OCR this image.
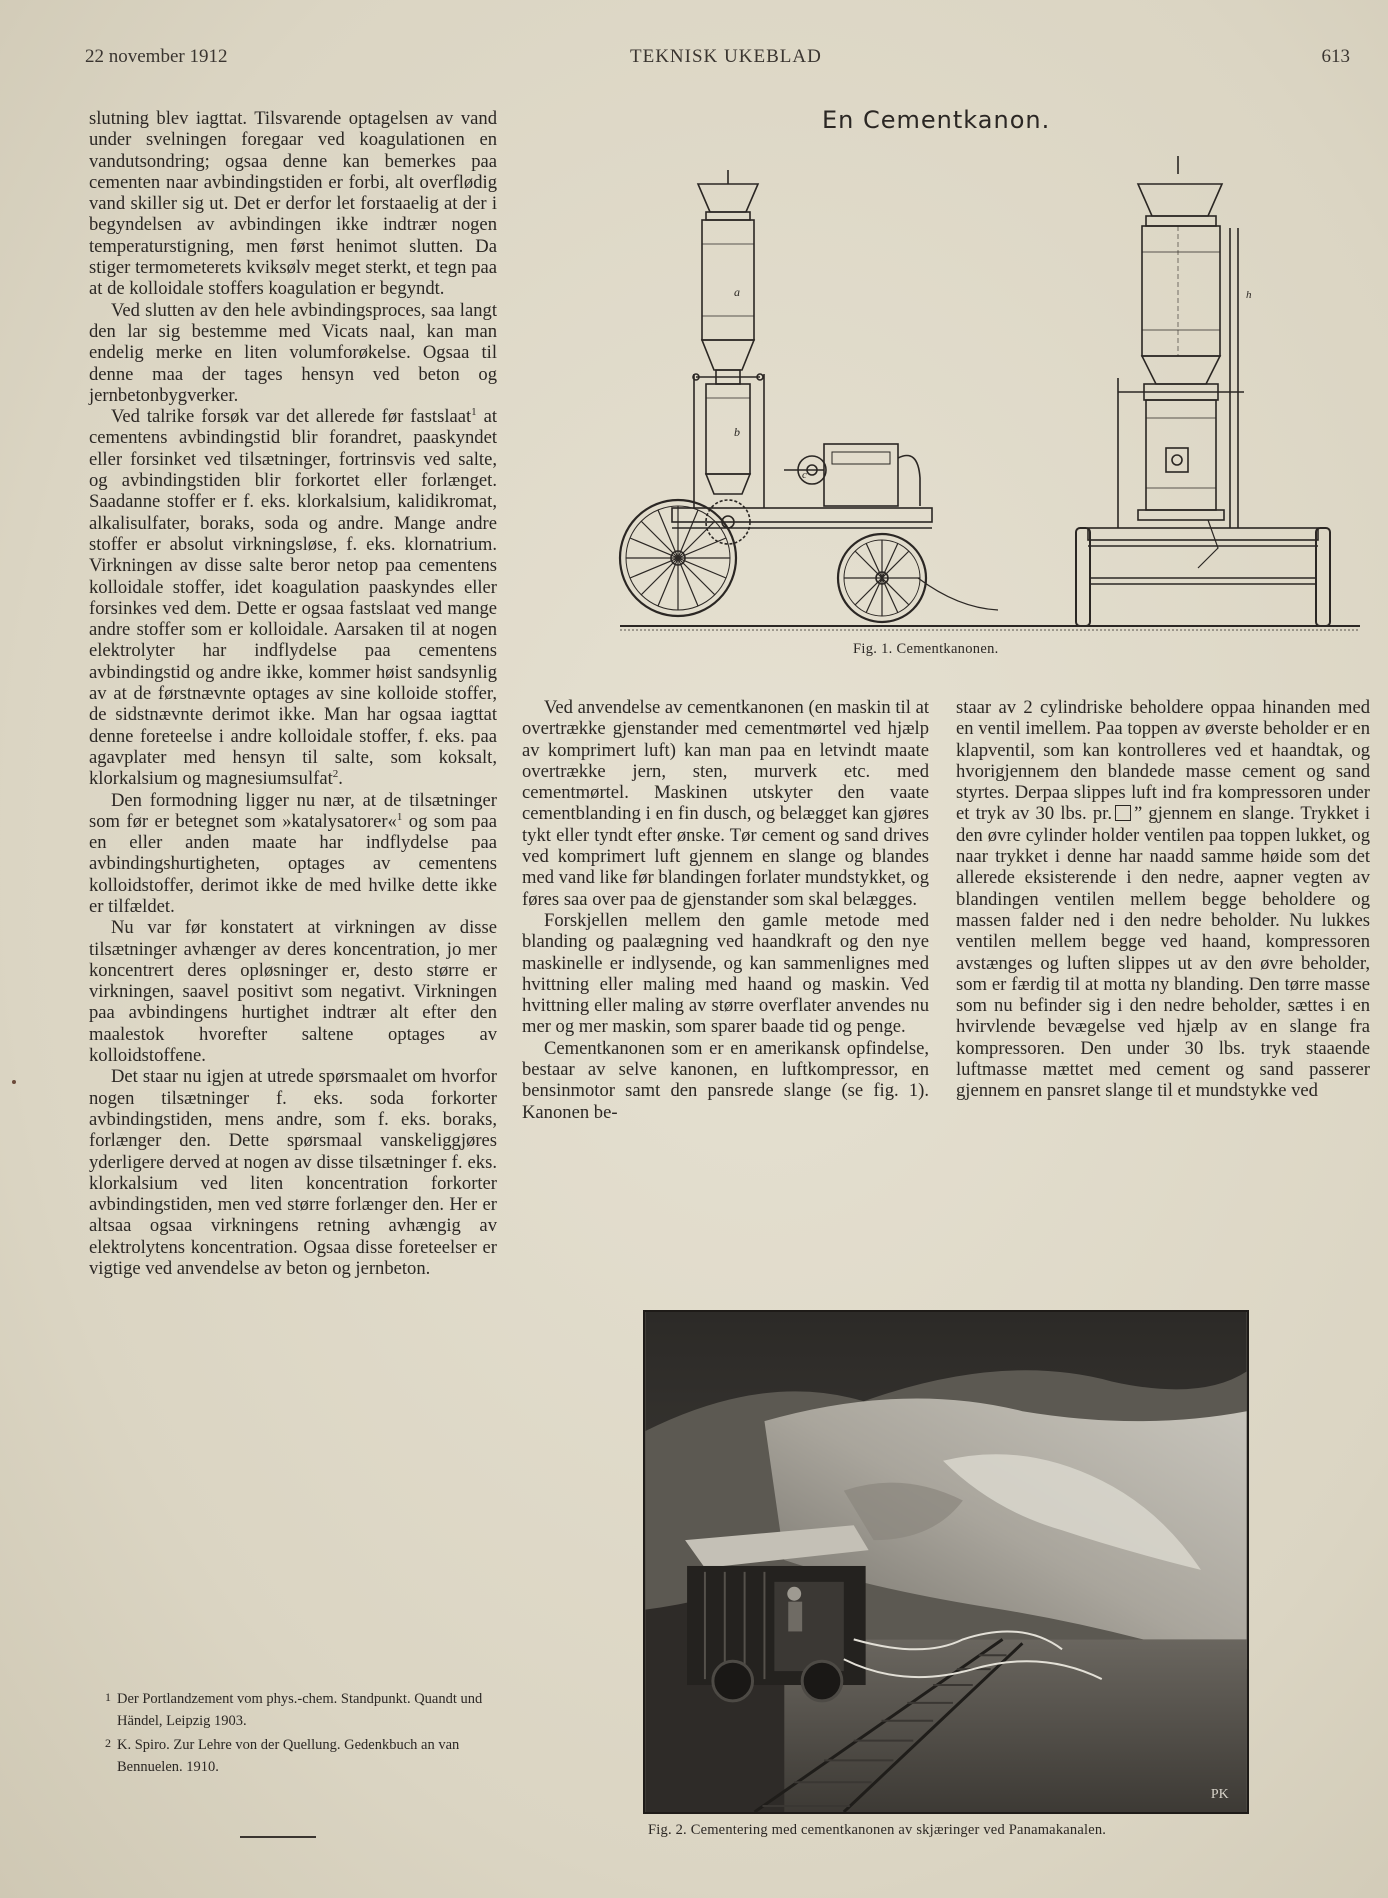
22 november 1912	TEKNISK UKEBLAD	613

slutning blev iagttat. Tilsvarende optagelsen av vand under svelningen foregaar ved koagulationen en vandutsondring; ogsaa denne kan bemerkes paa cementen naar avbindingstiden er forbi, alt overflødig vand skiller sig ut. Det er derfor let forstaaelig at der i begyndelsen av avbindingen ikke indtrær nogen temperaturstigning, men først henimot slutten. Da stiger termometerets kviksølv meget sterkt, et tegn paa at de kolloidale stoffers koagulation er begyndt.

Ved slutten av den hele avbindingsproces, saa langt den lar sig bestemme med Vicats naal, kan man endelig merke en liten volumforøkelse. Ogsaa til denne maa der tages hensyn ved beton og jernbetonbygverker.

Ved talrike forsøk var det allerede før fastslaat$^1$ at cementens avbindingstid blir forandret, paaskyndet eller forsinket ved tilsætninger, fortrinsvis ved salte, og avbindingstiden blir forkortet eller forlænget. Saadanne stoffer er f. eks. klorkalsium, kalidikromat, alkalisulfater, boraks, soda og andre. Mange andre stoffer er absolut virkningsløse, f. eks. klornatrium. Virkningen av disse salte beror netop paa cementens kolloidale stoffer, idet koagulation paaskyndes eller forsinkes ved dem. Dette er ogsaa fastslaat ved mange andre stoffer som er kolloidale. Aarsaken til at nogen elektrolyter har indflydelse paa cementens avbindingstid og andre ikke, kommer høist sandsynlig av at de førstnævnte optages av sine kolloide stoffer, de sidstnævnte derimot ikke. Man har ogsaa iagttat denne foreteelse i andre kolloidale stoffer, f. eks. paa agavplater med hensyn til salte, som koksalt, klorkalsium og magnesiumsulfat$^2$.

Den formodning ligger nu nær, at de tilsætninger som før er betegnet som »katalysatorer«$^1$ og som paa en eller anden maate har indflydelse paa avbindingshurtigheten, optages av cementens kolloidstoffer, derimot ikke de med hvilke dette ikke er tilfældet.

Nu var før konstatert at virkningen av disse tilsætninger avhænger av deres koncentration, jo mer koncentrert deres opløsninger er, desto større er virkningen, saavel positivt som negativt. Virkningen paa avbindingens hurtighet indtrær alt efter den maalestok hvorefter saltene optages av kolloidstoffene.

Det staar nu igjen at utrede spørsmaalet om hvorfor nogen tilsætninger f. eks. soda forkorter avbindingstiden, mens andre, som f. eks. boraks, forlænger den. Dette spørsmaal vanskeliggjøres yderligere derved at nogen av disse tilsætninger f. eks. klorkalsium ved liten koncentration forkorter avbindingstiden, men ved større forlænger den. Her er altsaa ogsaa virkningens retning avhængig av elektrolytens koncentration. Ogsaa disse foreteelser er vigtige ved anvendelse av beton og jernbeton.

1 Der Portlandzement vom phys.-chem. Standpunkt. Quandt und Händel, Leipzig 1903.
2 K. Spiro. Zur Lehre von der Quellung. Gedenkbuch an van Bennuelen. 1910.
En Cementkanon.
a
b
c
h
Fig. 1. Cementkanonen.

Ved anvendelse av cementkanonen (en maskin til at overtrække gjenstander med cementmørtel ved hjælp av komprimert luft) kan man paa en letvindt maate overtrække jern, sten, murverk etc. med cementmørtel. Maskinen utskyter den vaate cementblanding i en fin dusch, og belægget kan gjøres tykt eller tyndt efter ønske. Tør cement og sand drives ved komprimert luft gjennem en slange og blandes med vand like før blandingen forlater mundstykket, og føres saa over paa de gjenstander som skal belægges.

Forskjellen mellem den gamle metode med blanding og paalægning ved haandkraft og den nye maskinelle er indlysende, og kan sammenlignes med hvittning eller maling med haand og maskin. Ved hvittning eller maling av større overflater anvendes nu mer og mer maskin, som sparer baade tid og penge.

Cementkanonen som er en amerikansk opfindelse, bestaar av selve kanonen, en luftkompressor, en bensinmotor samt den pansrede slange (se fig. 1). Kanonen be-

staar av 2 cylindriske beholdere oppaa hinanden med en ventil imellem. Paa toppen av øverste beholder er en klapventil, som kan kontrolleres ved et haandtak, og hvorigjennem den blandede masse cement og sand styrtes. Derpaa slippes luft ind fra kompressoren under et tryk av 30 lbs. pr. ” gjennem en slange. Trykket i den øvre cylinder holder ventilen paa toppen lukket, og naar trykket i denne har naadd samme høide som det allerede eksisterende i den nedre, aapner vegten av blandingen ventilen mellem begge beholdere og massen falder ned i den nedre beholder. Nu lukkes ventilen mellem begge ved haand, kompressoren avstænges og luften slippes ut av den øvre beholder, som er færdig til at motta ny blanding. Den tørre masse som nu befinder sig i den nedre beholder, sættes i en hvirvlende bevægelse ved hjælp av en slange fra kompressoren. Den under 30 lbs. tryk staaende luftmasse mættet med cement og sand passerer gjennem en pansret slange til et mundstykke ved

PK
Fig. 2. Cementering med cementkanonen av skjæringer ved Panamakanalen.
